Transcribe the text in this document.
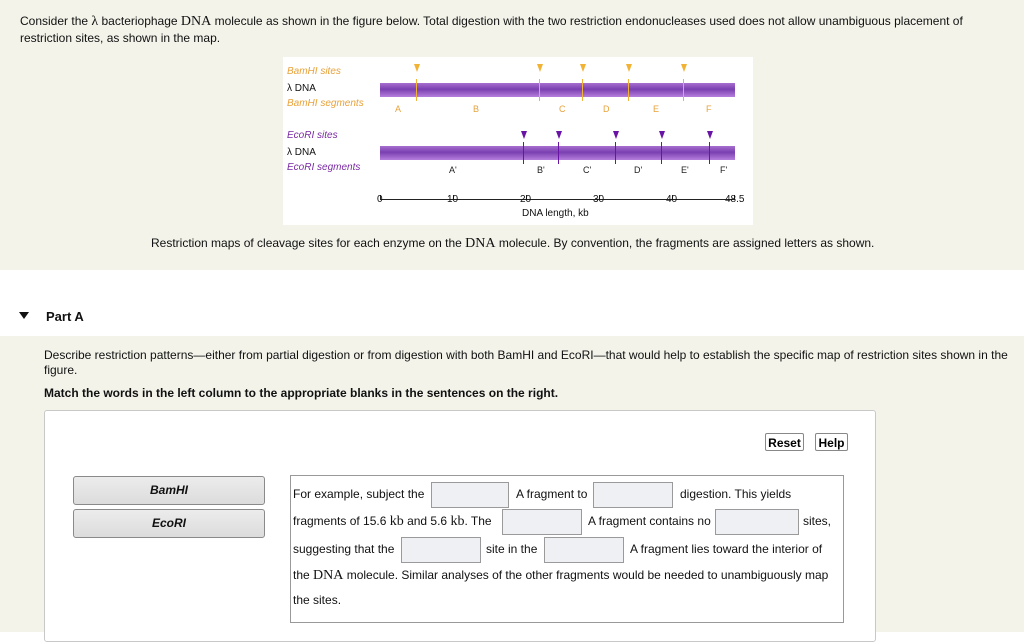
Consider the λ bacteriophage DNA molecule as shown in the figure below. Total digestion with the two restriction endonucleases used does not allow unambiguous placement of restriction sites, as shown in the map.
BamHI sites
λ DNA
BamHI segments	A	B	C	D	E	F
EcoRI sites
λ DNA
EcoRI segments	A'	B'	C'	D'	E'	F'
0	10	20	30	40	48.5
DNA length, kb
Restriction maps of cleavage sites for each enzyme on the DNA molecule. By convention, the fragments are assigned letters as shown.
Part A
Describe restriction patterns—either from partial digestion or from digestion with both BamHI and EcoRI—that would help to establish the specific map of restriction sites shown in the figure.
Match the words in the left column to the appropriate blanks in the sentences on the right.
Reset Help
BamHI
EcoRI
For example, subject the	A fragment to	digestion. This yields
fragments of 15.6 kb and 5.6 kb. The	A fragment contains no	sites,
suggesting that the	site in the	A fragment lies toward the interior of
the DNA molecule. Similar analyses of the other fragments would be needed to unambiguously map
the sites.
